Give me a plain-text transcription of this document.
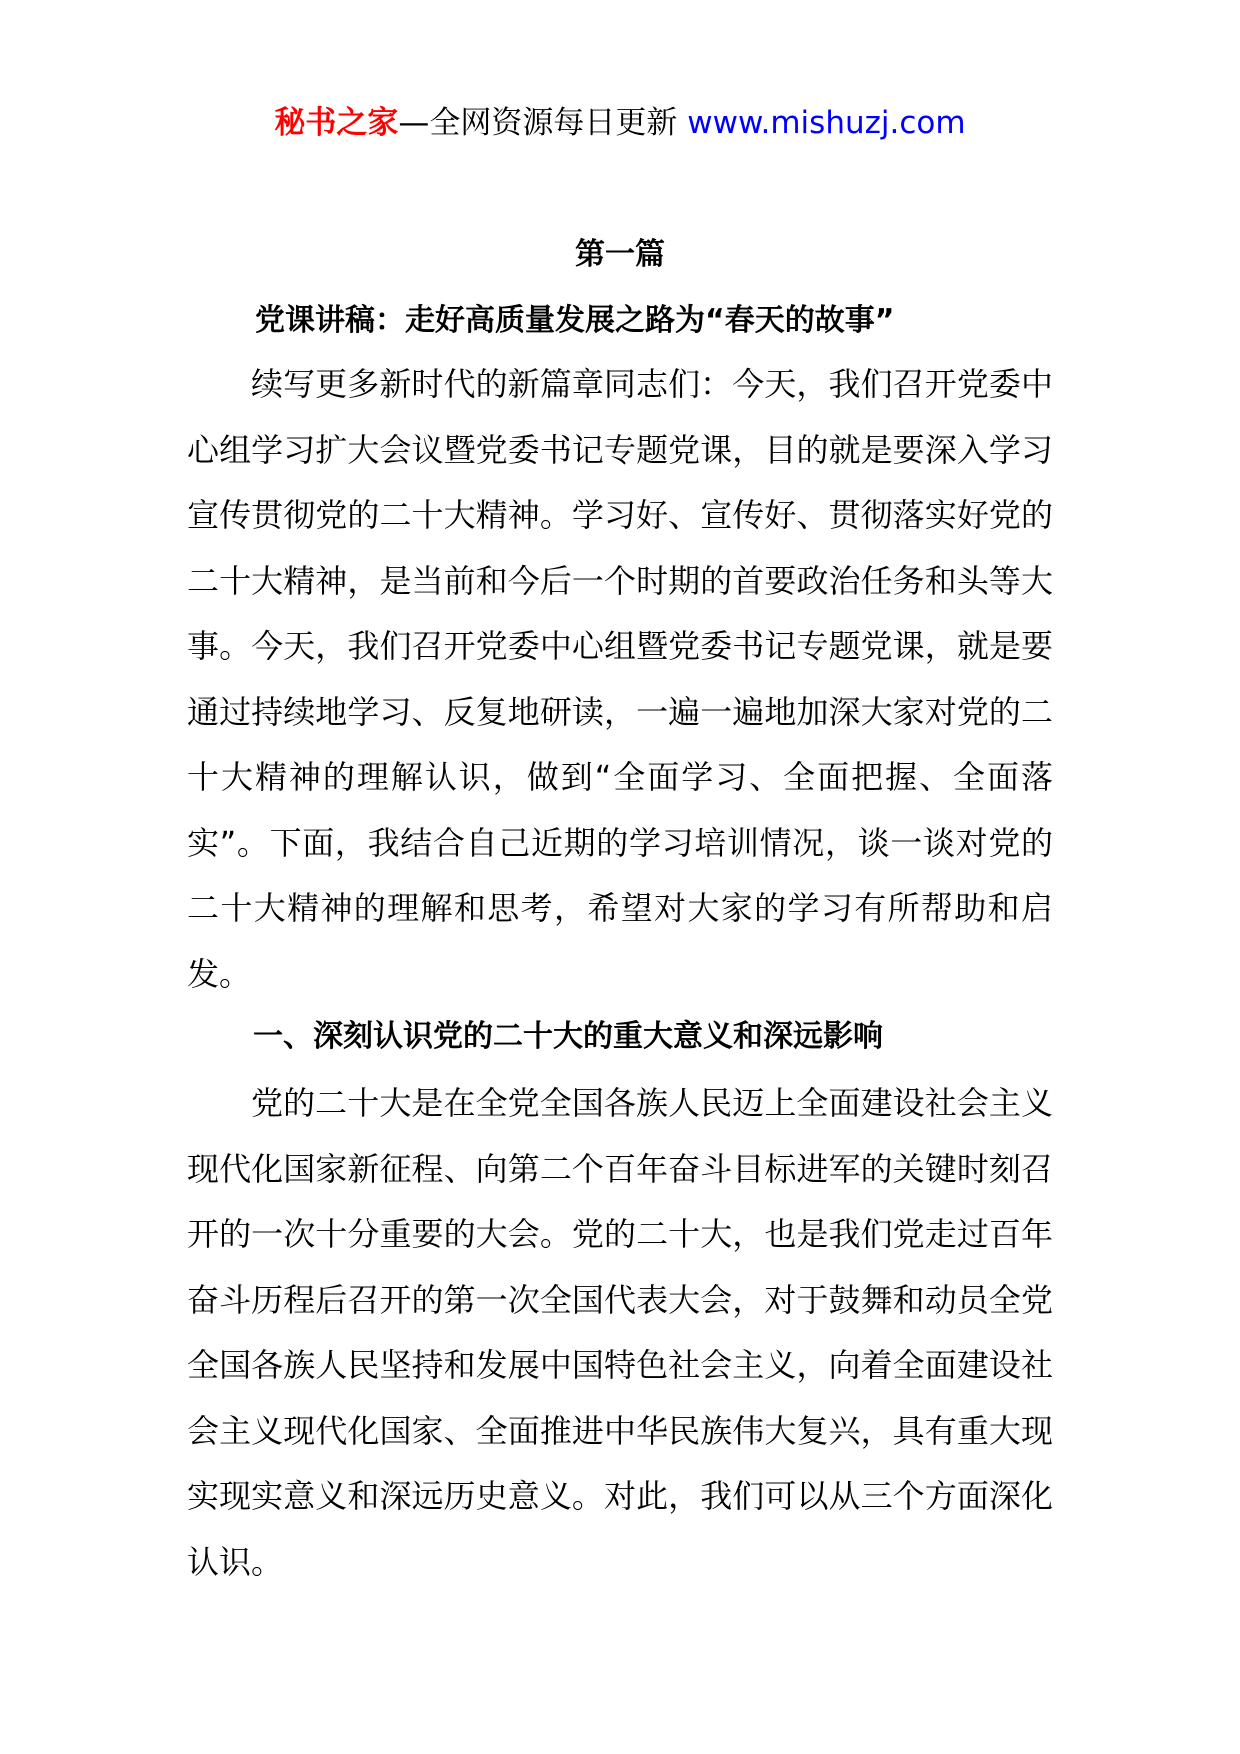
秘书之家—全网资源每日更新 www.mishuzj.com
第一篇
党课讲稿：走好高质量发展之路为“春天的故事”

续写更多新时代的新篇章同志们：今天，我们召开党委中心组学习扩大会议暨党委书记专题党课，目的就是要深入学习宣传贯彻党的二十大精神。学习好、宣传好、贯彻落实好党的二十大精神，是当前和今后一个时期的首要政治任务和头等大事。今天，我们召开党委中心组暨党委书记专题党课，就是要通过持续地学习、反复地研读，一遍一遍地加深大家对党的二十大精神的理解认识，做到“全面学习、全面把握、全面落实”。下面，我结合自己近期的学习培训情况，谈一谈对党的二十大精神的理解和思考，希望对大家的学习有所帮助和启发。

一、深刻认识党的二十大的重大意义和深远影响

党的二十大是在全党全国各族人民迈上全面建设社会主义现代化国家新征程、向第二个百年奋斗目标进军的关键时刻召开的一次十分重要的大会。党的二十大，也是我们党走过百年奋斗历程后召开的第一次全国代表大会，对于鼓舞和动员全党全国各族人民坚持和发展中国特色社会主义，向着全面建设社会主义现代化国家、全面推进中华民族伟大复兴，具有重大现实现实意义和深远历史意义。对此，我们可以从三个方面深化认识。
